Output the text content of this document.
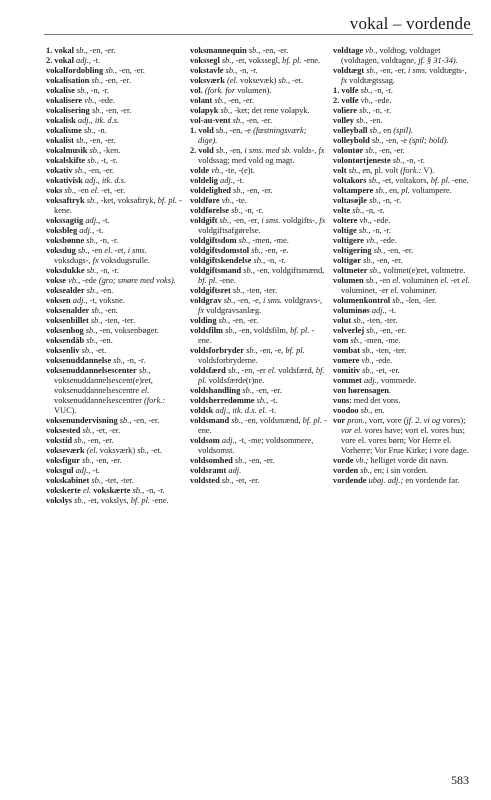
vokal – vordende

1. vokal sb., -en, -er.

2. vokal adj., -t.

vokalfordobling sb., -en, -er.

vokalisation sb., -en, -er.

vokalise sb., -n, -r.

vokalisere vb., -ede.

vokalisering sb., -en, -er.

vokalisk adj., itk. d.s.

vokalisme sb., -n.

vokalist sb., -en, -er.

vokalmusik sb., -ken.

vokalskifte sb., -t, -r.

vokativ sb., -en, -er.

vokativisk adj., itk. d.s.

voks sb., -en el. -et, -er.

voksaftryk sb., -ket, voksaftryk, bf. pl. -kene.

vokssagtig adj., -t.

voksbleg adj., -t.

voksbønne sb., -n, -r.

voksdug sb., -en el. -et, i sms. voksdugs-, fx voksdugsrulle.

voksdukke sb., -n, -r.

vokse vb., -ede (gro; smøre med voks).

voksealder sb., -en.

voksen adj., -t, voksne.

voksenalder sb., -en.

voksenbillet sb., -ten, -ter.

voksenbog sb., -en, voksenbøger.

voksendåb sb., -en.

voksenliv sb., -et.

voksenuddannelse sb., -n, -r.

voksenuddannelsescenter sb., voksenuddannelsescent(e)ret, voksenuddannelsescentre el. voksenuddannelsescentrer (fork.: VUC).

voksenundervisning sb., -en, -er.

voksested sb., -et, -er.

vokstid sb., -en, -er.

vokseværk (el. voksværk) sb., -et.

voksfigur sb., -en, -er.

voksgul adj., -t.

vokskabinet sb., -tet, -ter.

vokskerte el. vokskærte sb., -n, -r.

vokslys sb., -et, vokslys, bf. pl. -ene.

voksmannequin sb., -en, -er.

vokssegl sb., -et, vokssegl, bf. pl. -ene.

vokstavle sb., -n, -r.

voksværk (el. voksevæk) sb., -et.

vol. (fork. for volumen).

volant sb., -en, -er.

volapyk sb., -ket; det rene volapyk.

vol-au-vent sb., -en, -er.

1. vold sb., -en, -e (fæstningsværk; dige).

2. vold sb., -en, i sms. med sb. volds-, fx voldssag; med vold og magt.

volde vb., -te, -(e)t.

voldelig adj., -t.

voldelighed sb., -en, -er.

voldføre vb., -te.

voldførelse sb., -n, -r.

voldgift sb., -en, -er, i sms. voldgifts-, fx voldgiftsafgørelse.

voldgiftsdom sb., -men, -me.

voldgiftsdomstol sb., -en, -e.

voldgiftskendelse sb., -n, -r.

voldgiftsmand sb., -en, voldgiftsmænd, bf. pl. -ene.

voldgiftsret sb., -ten, -ter.

voldgrav sb., -en, -e, i sms. voldgravs-, fx voldgravsanlæg.

volding sb., -en, -er.

voldsfilm sb., -en, voldsfilm, bf. pl. -ene.

voldsforbryder sb., -en, -e, bf. pl. voldsforbryderne.

voldsfærd sb., -en, -er el. voldsfærd, bf. pl. voldsfærde(r)ne.

voldshandling sb., -en, -er.

voldsherredømme sb., -t.

voldsk adj., itk. d.s. el. -t.

voldsmand sb., -en, voldsmænd, bf. pl. -ene.

voldsom adj., -t, -me; voldsommere, voldsomst.

voldsomhed sb., -en, -er.

voldsramt adj.

voldsted sb., -et, -er.

voldtage vb., voldtog, voldtaget (voldtagen, voldtagne, jf. § 31-34).

voldtægt sb., -en, -er, i sms. voldtægts-, fx voldtægtssag.

1. volfe sb., -n, -r.

2. volfe vb., -ede.

voliere sb., -n, -r.

volley sb., -en.

volleyball sb., en (spil).

volleybold sb., -en, -e (spil; bold).

volontør sb., -en, -er.

volontørtjeneste sb., -n, -r.

volt sb., en, pl. volt (fork.: V).

voltakors sb., -et, voltakors, bf. pl. -ene.

voltampere sb., en, pl. voltampere.

voltasøjle sb., -n, -r.

volte sb., -n, -r.

voltere vb., -ede.

voltige sb., -n, -r.

voltigere vb., -ede.

voltigering sb., -en, -er.

voltigør sb., -en, -er.

voltmeter sb., voltmet(e)ret, voltmetre.

volumen sb., -en el. voluminen el. -et el. voluminet, -er el. voluminer.

volumenkontrol sb., -len, -ler.

voluminøs adj., -t.

volut sb., -ten, -ter.

volverlej sb., -en, -er.

vom sb., -men, -me.

vombat sb., -ten, -ter.

vomere vb., -ede.

vomitiv sb., -et, -er.

vommet adj., vommede.

von hørensagen.

vons: med det vons.

voodoo sb., en.

vor pron., vort, vore (jf. 2. vi og vores); vor el. vores have; vort el. vores hus; vore el. vores børn; Vor Herre el. Vorherre; Vor Frue Kirke; i vore dage.

vorde vb.; helliget vorde dit navn.

vorden sb., en; i sin vorden.

vordende ubøj. adj.; en vordende far.

583
